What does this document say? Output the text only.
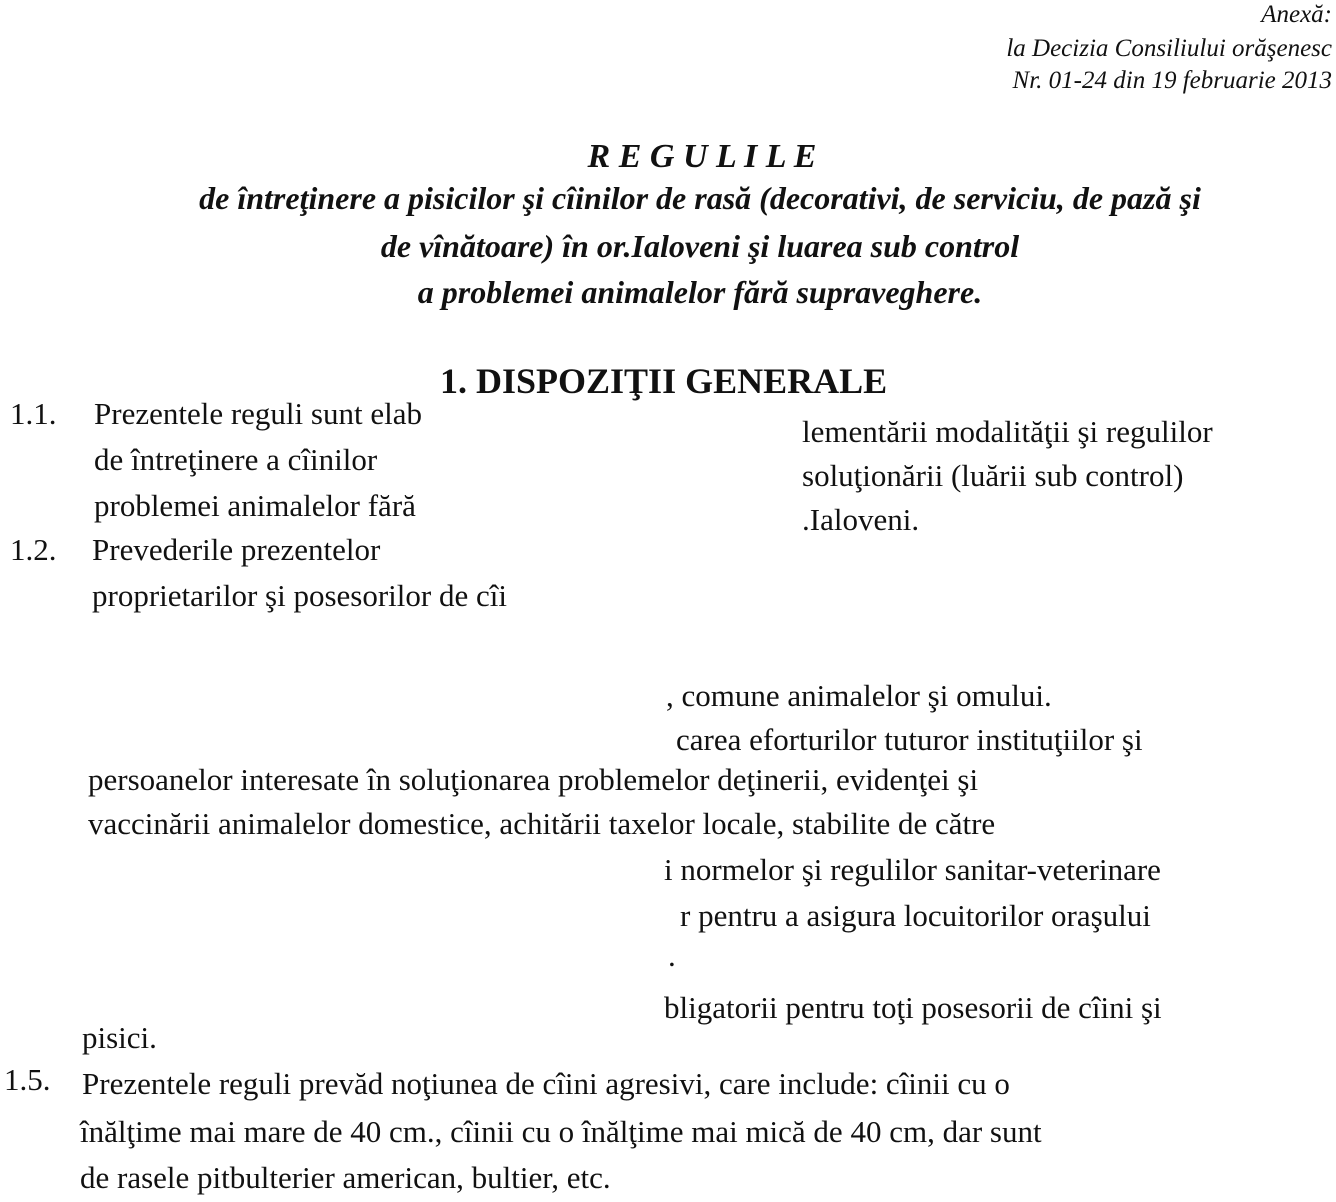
Anexă:
la Decizia Consiliului orăşenesc
Nr. 01-24 din 19 februarie 2013
R E G U L I L E
de întreţinere a pisicilor şi cîinilor de rasă (decorativi, de serviciu, de pază şi
de vînătoare) în or.Ialoveni şi luarea sub control
a problemei animalelor fără supraveghere.
1. DISPOZIŢII GENERALE
1.1. Prezentele reguli sunt elab
de întreţinere a cîinilor
problemei animalelor fără
lementării modalităţii şi regulilor
soluţionării (luării sub control)
.Ialoveni.
1.2. Prevederile prezentelor
proprietarilor şi posesorilor de cîi
, comune animalelor şi omului.
carea eforturilor tuturor instituţiilor şi
persoanelor interesate în soluţionarea problemelor deţinerii, evidenţei şi
vaccinării animalelor domestice, achitării taxelor locale, stabilite de către
i normelor şi regulilor sanitar-veterinare
r pentru a asigura locuitorilor oraşului
.
bligatorii pentru toţi posesorii de cîini şi
pisici.
1.5. Prezentele reguli prevăd noţiunea de cîini agresivi, care include: cîinii cu o
înălţime mai mare de 40 cm., cîinii cu o înălţime mai mică de 40 cm, dar sunt
de rasele pitbulterier american, bultier, etc.
